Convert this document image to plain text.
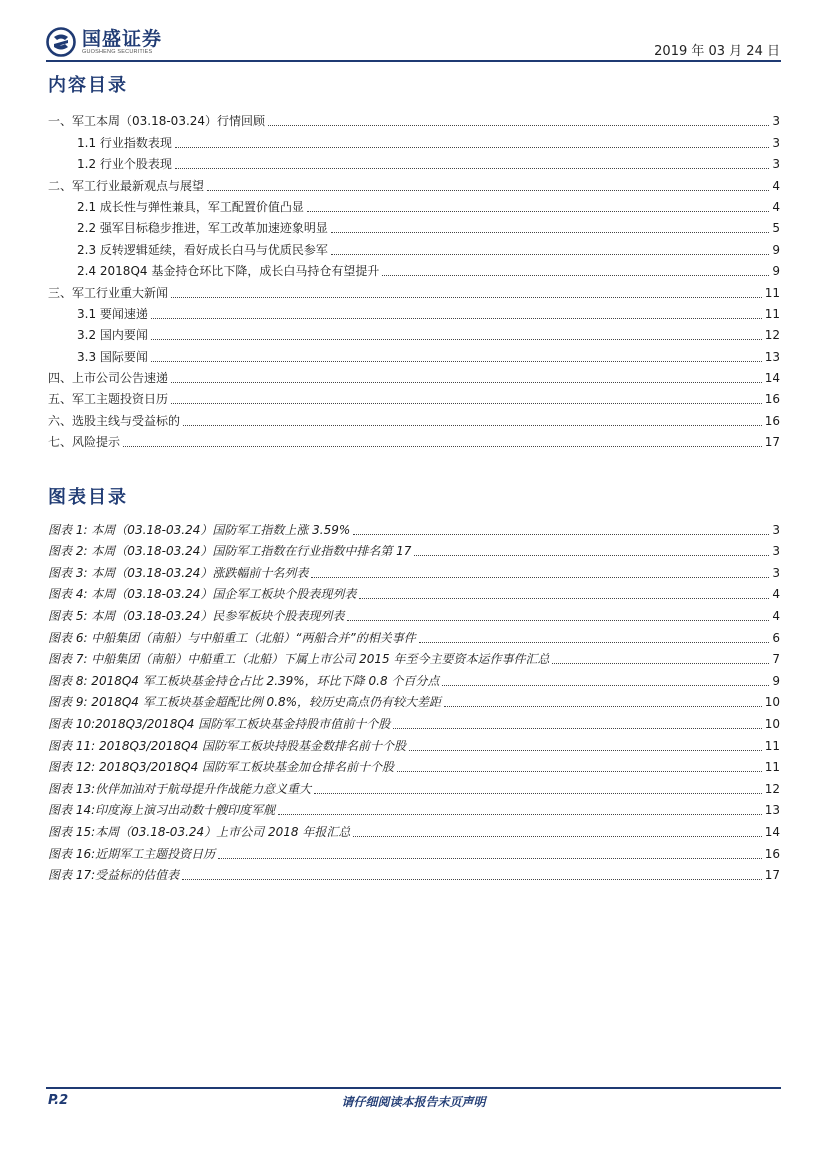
国盛证券
GUOSHENG SECURITIES	2019 年 03 月 24 日
内容目录
一、军工本周（03.18-03.24）行情回顾	3
1.1 行业指数表现	3
1.2 行业个股表现	3
二、军工行业最新观点与展望	4
2.1 成长性与弹性兼具，军工配置价值凸显	4
2.2 强军目标稳步推进，军工改革加速迹象明显	5
2.3 反转逻辑延续，看好成长白马与优质民参军	9
2.4 2018Q4 基金持仓环比下降，成长白马持仓有望提升	9
三、军工行业重大新闻	11
3.1 要闻速递	11
3.2 国内要闻	12
3.3 国际要闻	13
四、上市公司公告速递	14
五、军工主题投资日历	16
六、选股主线与受益标的	16
七、风险提示	17
图表目录
图表 1: 本周（03.18-03.24）国防军工指数上涨 3.59%	3
图表 2: 本周（03.18-03.24）国防军工指数在行业指数中排名第 17	3
图表 3: 本周（03.18-03.24）涨跌幅前十名列表	3
图表 4: 本周（03.18-03.24）国企军工板块个股表现列表	4
图表 5: 本周（03.18-03.24）民参军板块个股表现列表	4
图表 6: 中船集团（南船）与中船重工（北船）“两船合并”的相关事件	6
图表 7: 中船集团（南船）中船重工（北船）下属上市公司 2015 年至今主要资本运作事件汇总	7
图表 8: 2018Q4 军工板块基金持仓占比 2.39%，环比下降 0.8 个百分点	9
图表 9: 2018Q4 军工板块基金超配比例 0.8%，较历史高点仍有较大差距	10
图表 10:2018Q3/2018Q4 国防军工板块基金持股市值前十个股	10
图表 11: 2018Q3/2018Q4 国防军工板块持股基金数排名前十个股	11
图表 12: 2018Q3/2018Q4 国防军工板块基金加仓排名前十个股	11
图表 13:伙伴加油对于航母提升作战能力意义重大	12
图表 14:印度海上演习出动数十艘印度军舰	13
图表 15:本周（03.18-03.24）上市公司 2018 年报汇总	14
图表 16:近期军工主题投资日历	16
图表 17:受益标的估值表	17
P.2	请仔细阅读本报告末页声明
